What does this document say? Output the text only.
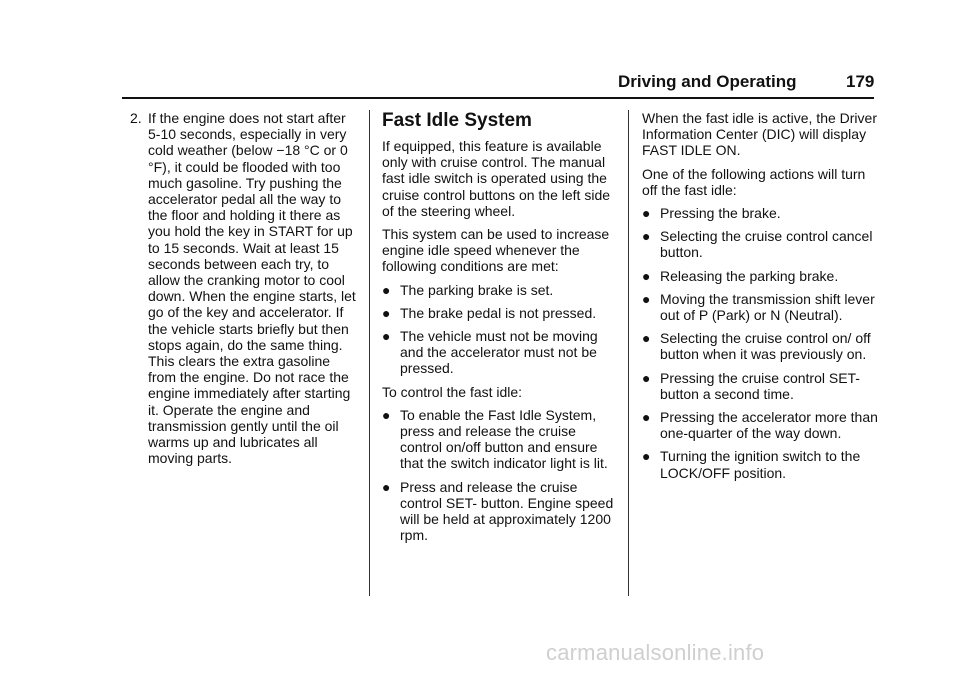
Driving and Operating	179
2. If the engine does not start after 5-10 seconds, especially in very cold weather (below −18 °C or 0 °F), it could be flooded with too much gasoline. Try pushing the accelerator pedal all the way to the floor and holding it there as you hold the key in START for up to 15 seconds. Wait at least 15 seconds between each try, to allow the cranking motor to cool down. When the engine starts, let go of the key and accelerator. If the vehicle starts briefly but then stops again, do the same thing. This clears the extra gasoline from the engine. Do not race the engine immediately after starting it. Operate the engine and transmission gently until the oil warms up and lubricates all moving parts.
Fast Idle System

If equipped, this feature is available only with cruise control. The manual fast idle switch is operated using the cruise control buttons on the left side of the steering wheel.

This system can be used to increase engine idle speed whenever the following conditions are met:

● The parking brake is set.
● The brake pedal is not pressed.
● The vehicle must not be moving and the accelerator must not be pressed.

To control the fast idle:

● To enable the Fast Idle System, press and release the cruise control on/off button and ensure that the switch indicator light is lit.
● Press and release the cruise control SET- button. Engine speed will be held at approximately 1200 rpm.

When the fast idle is active, the Driver Information Center (DIC) will display FAST IDLE ON.

One of the following actions will turn off the fast idle:

● Pressing the brake.
● Selecting the cruise control cancel button.
● Releasing the parking brake.
● Moving the transmission shift lever out of P (Park) or N (Neutral).
● Selecting the cruise control on/ off button when it was previously on.
● Pressing the cruise control SET- button a second time.
● Pressing the accelerator more than one-quarter of the way down.
● Turning the ignition switch to the LOCK/OFF position.
carmanualsonline.info
